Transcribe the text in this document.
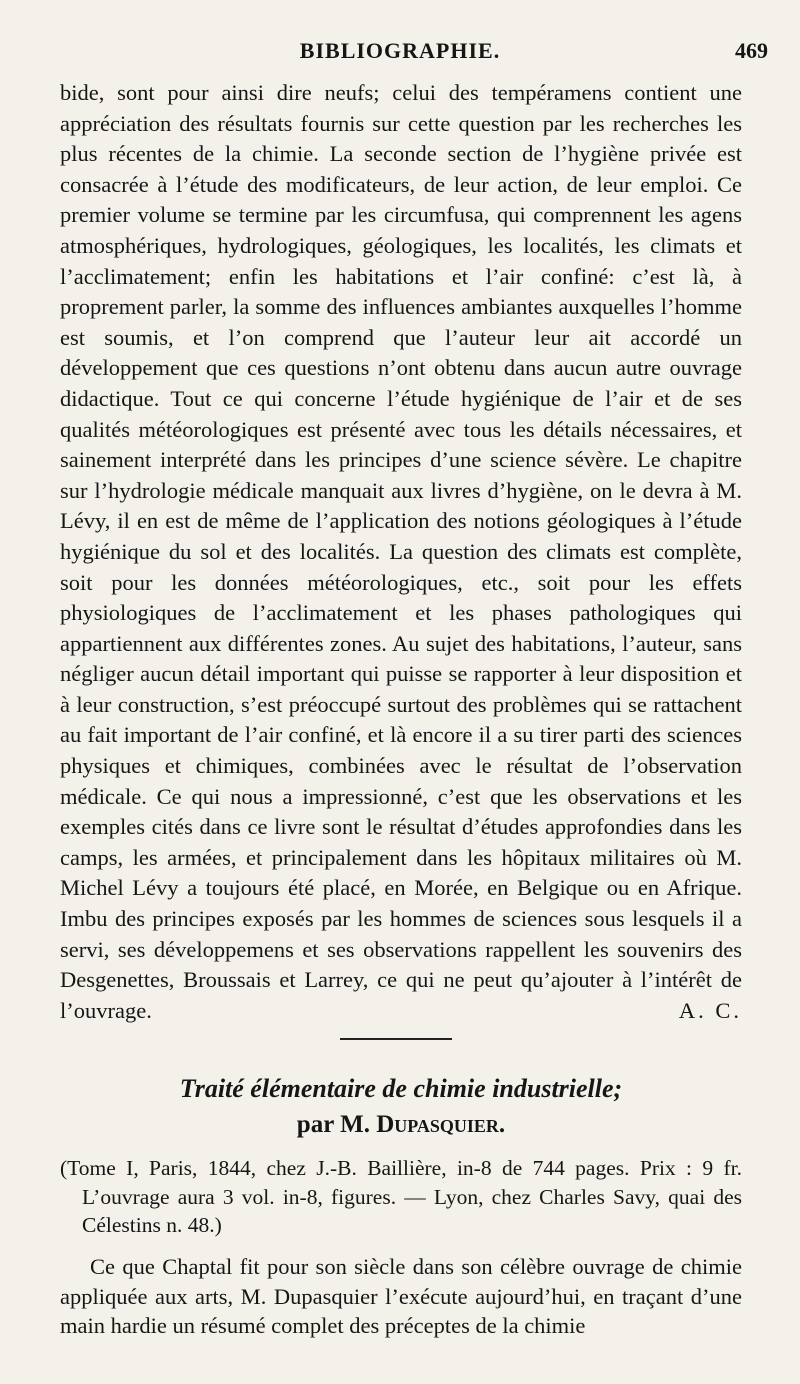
BIBLIOGRAPHIE.	469

bide, sont pour ainsi dire neufs; celui des tempéramens contient une appréciation des résultats fournis sur cette question par les recherches les plus récentes de la chimie. La seconde section de l’hygiène privée est consacrée à l’étude des modificateurs, de leur action, de leur emploi. Ce premier volume se termine par les circumfusa, qui comprennent les agens atmosphériques, hydrologiques, géologiques, les localités, les climats et l’acclimatement; enfin les habitations et l’air confiné: c’est là, à proprement parler, la somme des influences ambiantes auxquelles l’homme est soumis, et l’on comprend que l’auteur leur ait accordé un développement que ces questions n’ont obtenu dans aucun autre ouvrage didactique. Tout ce qui concerne l’étude hygiénique de l’air et de ses qualités météorologiques est présenté avec tous les détails nécessaires, et sainement interprété dans les principes d’une science sévère. Le chapitre sur l’hydrologie médicale manquait aux livres d’hygiène, on le devra à M. Lévy, il en est de même de l’application des notions géologiques à l’étude hygiénique du sol et des localités. La question des climats est complète, soit pour les données météorologiques, etc., soit pour les effets physiologiques de l’acclimatement et les phases pathologiques qui appartiennent aux différentes zones. Au sujet des habitations, l’auteur, sans négliger aucun détail important qui puisse se rapporter à leur disposition et à leur construction, s’est préoccupé surtout des problèmes qui se rattachent au fait important de l’air confiné, et là encore il a su tirer parti des sciences physiques et chimiques, combinées avec le résultat de l’observation médicale. Ce qui nous a impressionné, c’est que les observations et les exemples cités dans ce livre sont le résultat d’études approfondies dans les camps, les armées, et principalement dans les hôpitaux militaires où M. Michel Lévy a toujours été placé, en Morée, en Belgique ou en Afrique. Imbu des principes exposés par les hommes de sciences sous lesquels il a servi, ses développemens et ses observations rappellent les souvenirs des Desgenettes, Broussais et Larrey, ce qui ne peut qu’ajouter à l’intérêt de l’ouvrage.	A. C.

Traité élémentaire de chimie industrielle;
par M. Dupasquier.

(Tome I, Paris, 1844, chez J.-B. Baillière, in-8 de 744 pages. Prix : 9 fr. L’ouvrage aura 3 vol. in-8, figures. — Lyon, chez Charles Savy, quai des Célestins n. 48.)

Ce que Chaptal fit pour son siècle dans son célèbre ouvrage de chimie appliquée aux arts, M. Dupasquier l’exécute aujourd’hui, en traçant d’une main hardie un résumé complet des préceptes de la chimie
